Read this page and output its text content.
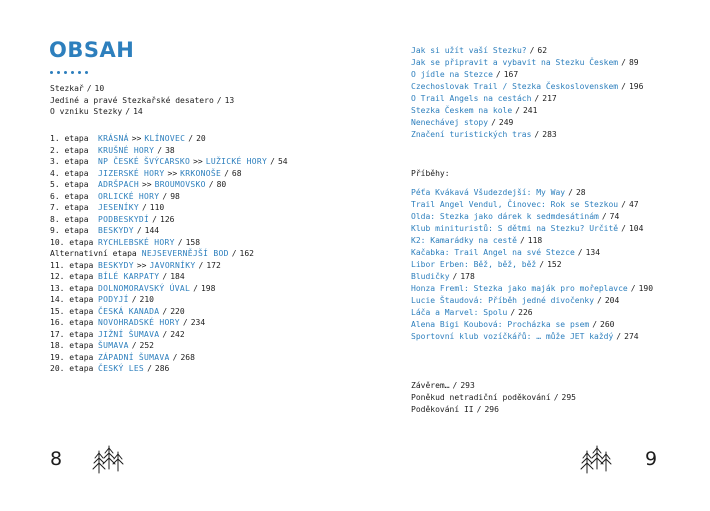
OBSAH
Stezkař / 10
Jediné a pravé Stezkařské desatero / 13
O vzniku Stezky / 14
1. etapa	KRÁSNÁ >> KLÍNOVEC / 20
2. etapa	KRUŠNÉ HORY / 38
3. etapa	NP ČESKÉ ŠVÝCARSKO >> LUŽICKÉ HORY / 54
4. etapa	JIZERSKÉ HORY >> KRKONOŠE / 68
5. etapa	ADRŠPACH >> BROUMOVSKO / 80
6. etapa	ORLICKÉ HORY / 98
7. etapa	JESENÍKY / 110
8. etapa	PODBESKYDÍ / 126
9. etapa	BESKYDY / 144
10. etapa RYCHLEBSKÉ HORY / 158
Alternativní etapa NEJSEVERNĚJŠÍ BOD / 162
11. etapa BESKYDY >> JAVORNÍKY / 172
12. etapa BÍLÉ KARPATY / 184
13. etapa DOLNOMORAVSKÝ ÚVAL / 198
14. etapa PODYJÍ / 210
15. etapa ČESKÁ KANADA / 220
16. etapa NOVOHRADSKÉ HORY / 234
17. etapa JIŽNÍ ŠUMAVA / 242
18. etapa ŠUMAVA / 252
19. etapa ZÁPADNÍ ŠUMAVA / 268
20. etapa ČESKÝ LES / 286
8
Jak si užít vaší Stezku? / 62
Jak se připravit a vybavit na Stezku Českem / 89
O jídle na Stezce / 167
Czechoslovak Trail / Stezka Československem / 196
O Trail Angels na cestách / 217
Stezka Českem na kole / 241
Nenechávej stopy / 249
Značení turistických tras / 283
Příběhy:
Péťa Kvákavá Všudezdejší: My Way / 28
Trail Angel Vendul, Činovec: Rok se Stezkou / 47
Olda: Stezka jako dárek k sedmdesátinám / 74
Klub minituristů: S dětmi na Stezku? Určitě / 104
K2: Kamarádky na cestě / 118
Kačabka: Trail Angel na své Stezce / 134
Libor Erben: Běž, běž, běž / 152
Bludičky / 178
Honza Freml: Stezka jako maják pro mořeplavce / 190
Lucie Štaudová: Příběh jedné divočenky / 204
Láča a Marvel: Spolu / 226
Alena Bigi Koubová: Procházka se psem / 260
Sportovní klub vozíčkářů: … může JET každý / 274
Závěrem… / 293
Poněkud netradiční poděkování / 295
Poděkování II / 296
9
